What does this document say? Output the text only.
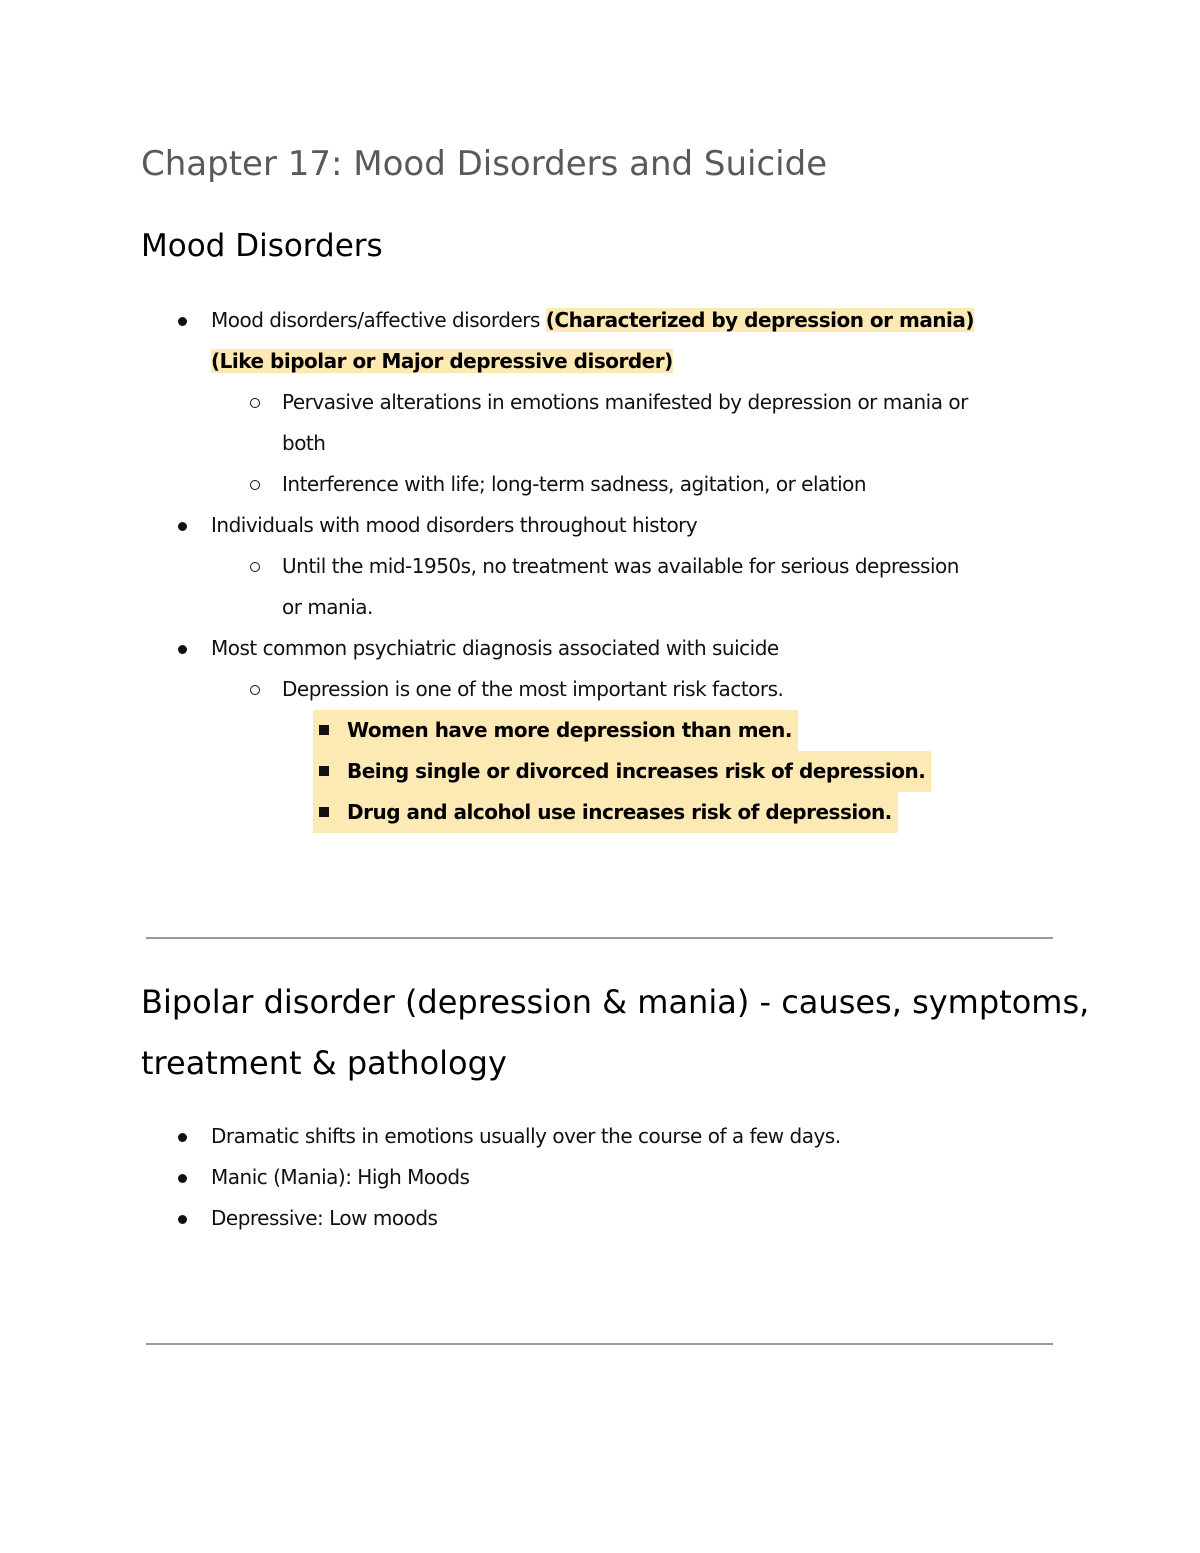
Chapter 17: Mood Disorders and Suicide
Mood Disorders
Mood disorders/affective disorders (Characterized by depression or mania)
(Like bipolar or Major depressive disorder)
Pervasive alterations in emotions manifested by depression or mania or
both
Interference with life; long-term sadness, agitation, or elation
Individuals with mood disorders throughout history
Until the mid-1950s, no treatment was available for serious depression
or mania.
Most common psychiatric diagnosis associated with suicide
Depression is one of the most important risk factors.
Women have more depression than men.
Being single or divorced increases risk of depression.
Drug and alcohol use increases risk of depression.
Bipolar disorder (depression & mania) - causes, symptoms, treatment & pathology
Dramatic shifts in emotions usually over the course of a few days.
Manic (Mania): High Moods
Depressive: Low moods
